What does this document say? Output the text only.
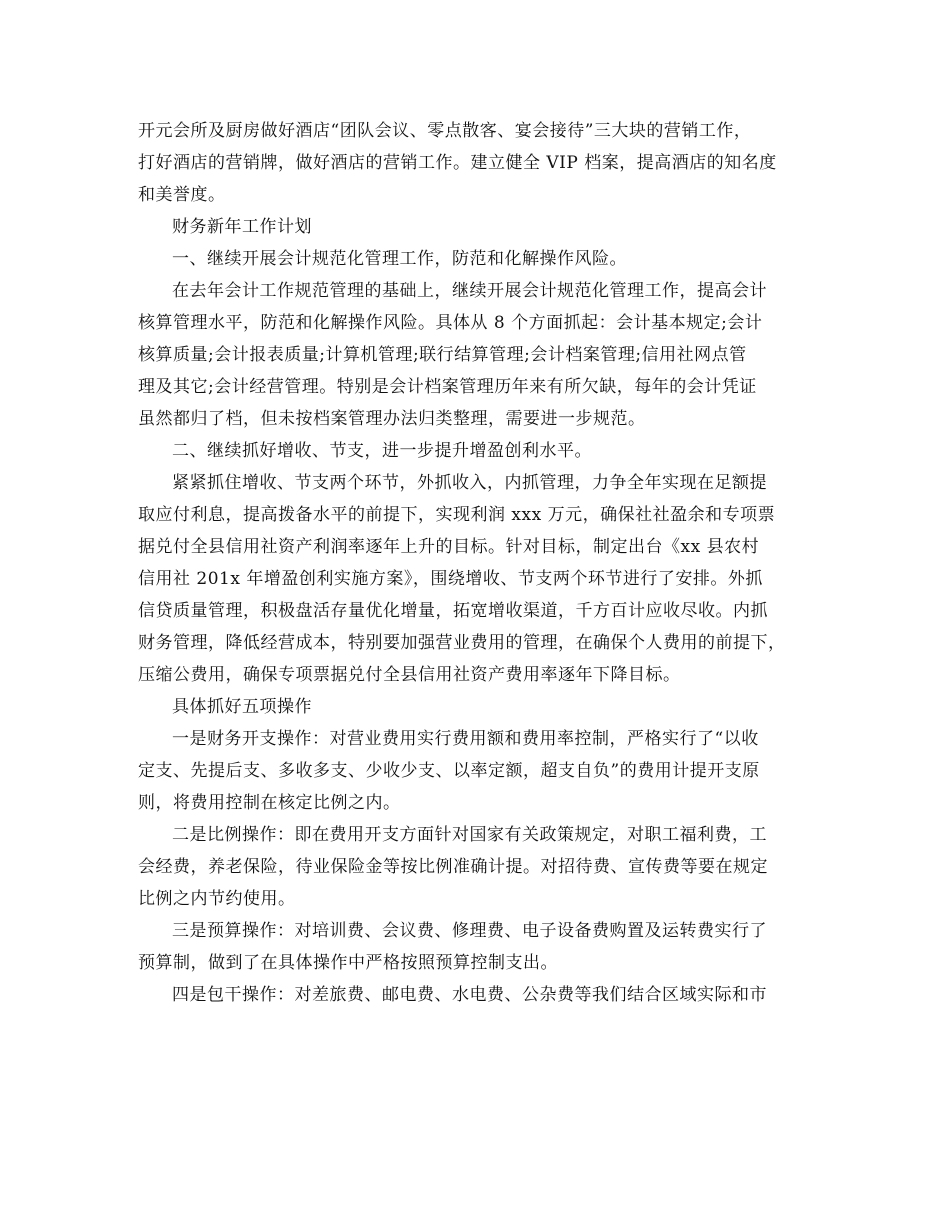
开元会所及厨房做好酒店“团队会议、零点散客、宴会接待”三大块的营销工作，
打好酒店的营销牌，做好酒店的营销工作。建立健全 VIP 档案，提高酒店的知名度
和美誉度。

财务新年工作计划

一、继续开展会计规范化管理工作，防范和化解操作风险。

在去年会计工作规范管理的基础上，继续开展会计规范化管理工作，提高会计
核算管理水平，防范和化解操作风险。具体从 8 个方面抓起：会计基本规定;会计
核算质量;会计报表质量;计算机管理;联行结算管理;会计档案管理;信用社网点管
理及其它;会计经营管理。特别是会计档案管理历年来有所欠缺，每年的会计凭证
虽然都归了档，但未按档案管理办法归类整理，需要进一步规范。

二、继续抓好增收、节支，进一步提升增盈创利水平。

紧紧抓住增收、节支两个环节，外抓收入，内抓管理，力争全年实现在足额提
取应付利息，提高拨备水平的前提下，实现利润 xxx 万元，确保社社盈余和专项票
据兑付全县信用社资产利润率逐年上升的目标。针对目标，制定出台《xx 县农村
信用社 201x 年增盈创利实施方案》，围绕增收、节支两个环节进行了安排。外抓
信贷质量管理，积极盘活存量优化增量，拓宽增收渠道，千方百计应收尽收。内抓
财务管理，降低经营成本，特别要加强营业费用的管理，在确保个人费用的前提下，
压缩公费用，确保专项票据兑付全县信用社资产费用率逐年下降目标。

具体抓好五项操作

一是财务开支操作：对营业费用实行费用额和费用率控制，严格实行了“以收
定支、先提后支、多收多支、少收少支、以率定额，超支自负”的费用计提开支原
则，将费用控制在核定比例之内。

二是比例操作：即在费用开支方面针对国家有关政策规定，对职工福利费，工
会经费，养老保险，待业保险金等按比例准确计提。对招待费、宣传费等要在规定
比例之内节约使用。

三是预算操作：对培训费、会议费、修理费、电子设备费购置及运转费实行了
预算制，做到了在具体操作中严格按照预算控制支出。

四是包干操作：对差旅费、邮电费、水电费、公杂费等我们结合区域实际和市
